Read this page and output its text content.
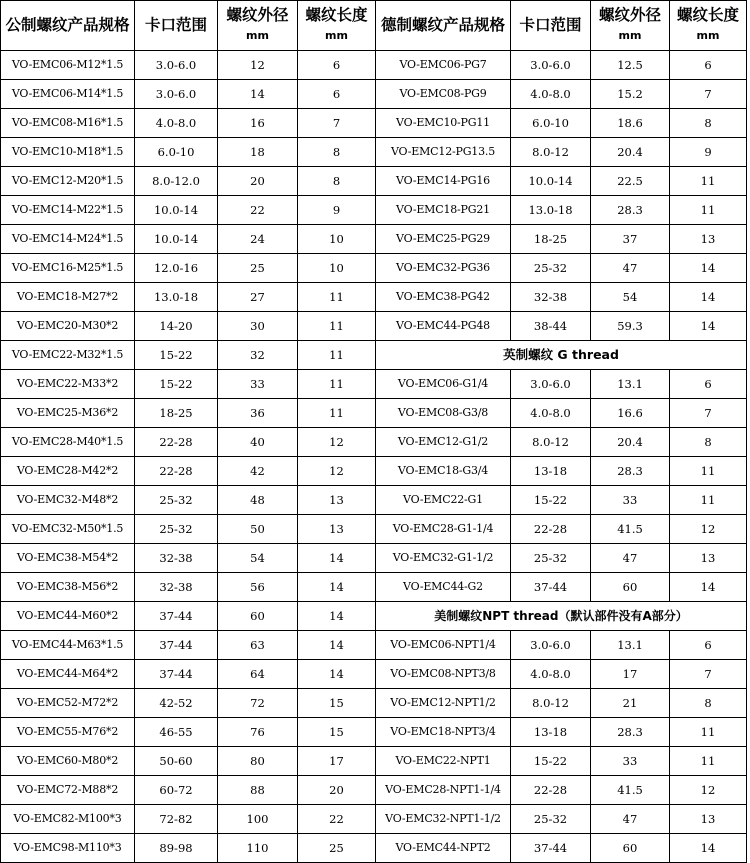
公制螺纹产品规格	卡口范围	螺纹外径mm	螺纹长度mm	德制螺纹产品规格	卡口范围	螺纹外径mm	螺纹长度mm
VO-EMC06-M12*1.5	3.0-6.0	12	6	VO-EMC06-PG7	3.0-6.0	12.5	6
VO-EMC06-M14*1.5	3.0-6.0	14	6	VO-EMC08-PG9	4.0-8.0	15.2	7
VO-EMC08-M16*1.5	4.0-8.0	16	7	VO-EMC10-PG11	6.0-10	18.6	8
VO-EMC10-M18*1.5	6.0-10	18	8	VO-EMC12-PG13.5	8.0-12	20.4	9
VO-EMC12-M20*1.5	8.0-12.0	20	8	VO-EMC14-PG16	10.0-14	22.5	11
VO-EMC14-M22*1.5	10.0-14	22	9	VO-EMC18-PG21	13.0-18	28.3	11
VO-EMC14-M24*1.5	10.0-14	24	10	VO-EMC25-PG29	18-25	37	13
VO-EMC16-M25*1.5	12.0-16	25	10	VO-EMC32-PG36	25-32	47	14
VO-EMC18-M27*2	13.0-18	27	11	VO-EMC38-PG42	32-38	54	14
VO-EMC20-M30*2	14-20	30	11	VO-EMC44-PG48	38-44	59.3	14
VO-EMC22-M32*1.5	15-22	32	11	英制螺纹 G thread			
VO-EMC22-M33*2	15-22	33	11	VO-EMC06-G1/4	3.0-6.0	13.1	6
VO-EMC25-M36*2	18-25	36	11	VO-EMC08-G3/8	4.0-8.0	16.6	7
VO-EMC28-M40*1.5	22-28	40	12	VO-EMC12-G1/2	8.0-12	20.4	8
VO-EMC28-M42*2	22-28	42	12	VO-EMC18-G3/4	13-18	28.3	11
VO-EMC32-M48*2	25-32	48	13	VO-EMC22-G1	15-22	33	11
VO-EMC32-M50*1.5	25-32	50	13	VO-EMC28-G1-1/4	22-28	41.5	12
VO-EMC38-M54*2	32-38	54	14	VO-EMC32-G1-1/2	25-32	47	13
VO-EMC38-M56*2	32-38	56	14	VO-EMC44-G2	37-44	60	14
VO-EMC44-M60*2	37-44	60	14	美制螺纹NPT thread（默认部件没有A部分）			
VO-EMC44-M63*1.5	37-44	63	14	VO-EMC06-NPT1/4	3.0-6.0	13.1	6
VO-EMC44-M64*2	37-44	64	14	VO-EMC08-NPT3/8	4.0-8.0	17	7
VO-EMC52-M72*2	42-52	72	15	VO-EMC12-NPT1/2	8.0-12	21	8
VO-EMC55-M76*2	46-55	76	15	VO-EMC18-NPT3/4	13-18	28.3	11
VO-EMC60-M80*2	50-60	80	17	VO-EMC22-NPT1	15-22	33	11
VO-EMC72-M88*2	60-72	88	20	VO-EMC28-NPT1-1/4	22-28	41.5	12
VO-EMC82-M100*3	72-82	100	22	VO-EMC32-NPT1-1/2	25-32	47	13
VO-EMC98-M110*3	89-98	110	25	VO-EMC44-NPT2	37-44	60	14
